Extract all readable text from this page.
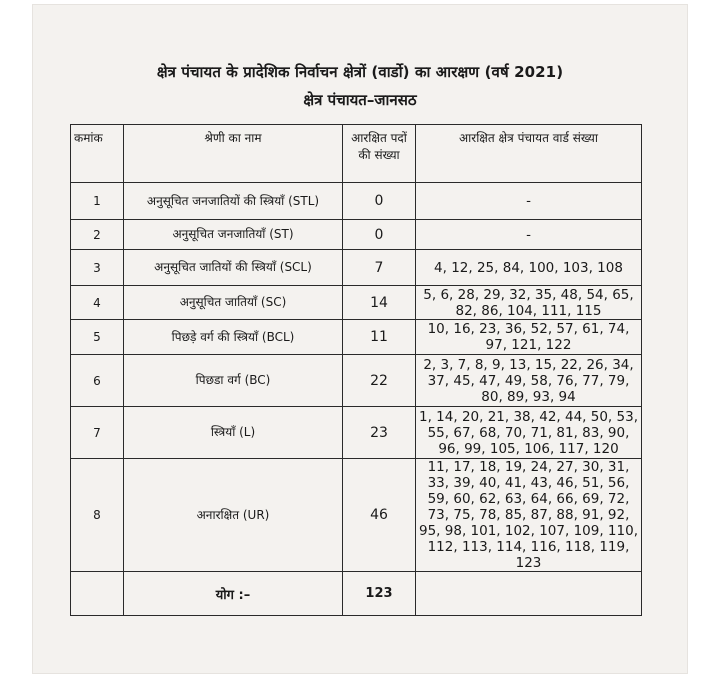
क्षेत्र पंचायत के प्रादेशिक निर्वाचन क्षेत्रों (वार्डो) का आरक्षण (वर्ष 2021)
क्षेत्र पंचायत–जानसठ
कमांक	श्रेणी का नाम	आरक्षित पदों की संख्या	आरक्षित क्षेत्र पंचायत वार्ड संख्या
1	अनुसूचित जनजातियों की स्त्रियाँ (STL)	0	-
2	अनुसूचित जनजातियाँ (ST)	0	-
3	अनुसूचित जातियों की स्त्रियाँ (SCL)	7	4, 12, 25, 84, 100, 103, 108
4	अनुसूचित जातियाँ (SC)	14	5, 6, 28, 29, 32, 35, 48, 54, 65, 82, 86, 104, 111, 115
5	पिछड़े वर्ग की स्त्रियाँ (BCL)	11	10, 16, 23, 36, 52, 57, 61, 74, 97, 121, 122
6	पिछडा वर्ग (BC)	22	2, 3, 7, 8, 9, 13, 15, 22, 26, 34, 37, 45, 47, 49, 58, 76, 77, 79, 80, 89, 93, 94
7	स्त्रियाँ (L)	23	1, 14, 20, 21, 38, 42, 44, 50, 53, 55, 67, 68, 70, 71, 81, 83, 90, 96, 99, 105, 106, 117, 120
8	अनारक्षित (UR)	46	11, 17, 18, 19, 24, 27, 30, 31, 33, 39, 40, 41, 43, 46, 51, 56, 59, 60, 62, 63, 64, 66, 69, 72, 73, 75, 78, 85, 87, 88, 91, 92, 95, 98, 101, 102, 107, 109, 110, 112, 113, 114, 116, 118, 119, 123
	योग :–	123	
